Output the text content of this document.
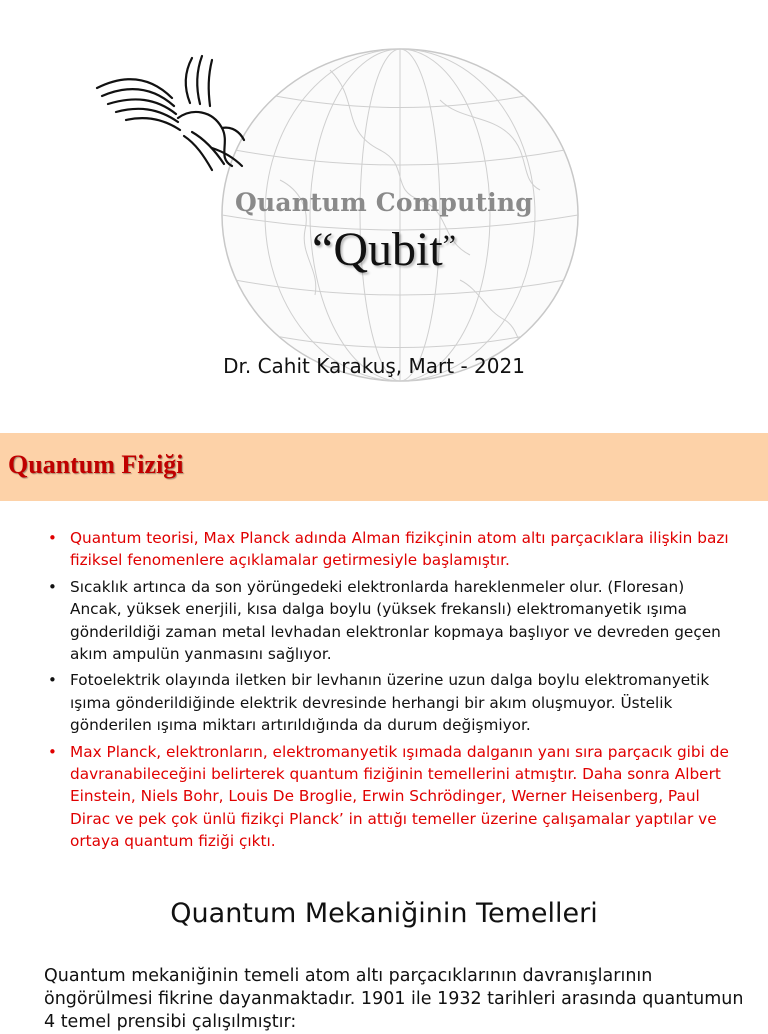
Quantum Computing
“Qubit”
Dr. Cahit Karakuş, Mart - 2021
Quantum Fiziği
• Quantum teorisi, Max Planck adında Alman fizikçinin atom altı parçacıklara ilişkin bazı fiziksel fenomenlere açıklamalar getirmesiyle başlamıştır.
• Sıcaklık artınca da son yörüngedeki elektronlarda hareklenmeler olur. (Floresan) Ancak, yüksek enerjili, kısa dalga boylu (yüksek frekanslı) elektromanyetik ışıma gönderildiği zaman metal levhadan elektronlar kopmaya başlıyor ve devreden geçen akım ampulün yanmasını sağlıyor.
• Fotoelektrik olayında iletken bir levhanın üzerine uzun dalga boylu elektromanyetik ışıma gönderildiğinde elektrik devresinde herhangi bir akım oluşmuyor. Üstelik gönderilen ışıma miktarı artırıldığında da durum değişmiyor.
• Max Planck, elektronların, elektromanyetik ışımada dalganın yanı sıra parçacık gibi de davranabileceğini belirterek quantum fiziğinin temellerini atmıştır. Daha sonra Albert Einstein, Niels Bohr, Louis De Broglie, Erwin Schrödinger, Werner Heisenberg, Paul Dirac ve pek çok ünlü fizikçi Planck’ in attığı temeller üzerine çalışamalar yaptılar ve ortaya quantum fiziği çıktı.
Quantum Mekaniğinin Temelleri
Quantum mekaniğinin temeli atom altı parçacıklarının davranışlarının öngörülmesi fikrine dayanmaktadır. 1901 ile 1932 tarihleri arasında quantumun 4 temel prensibi çalışılmıştır:
